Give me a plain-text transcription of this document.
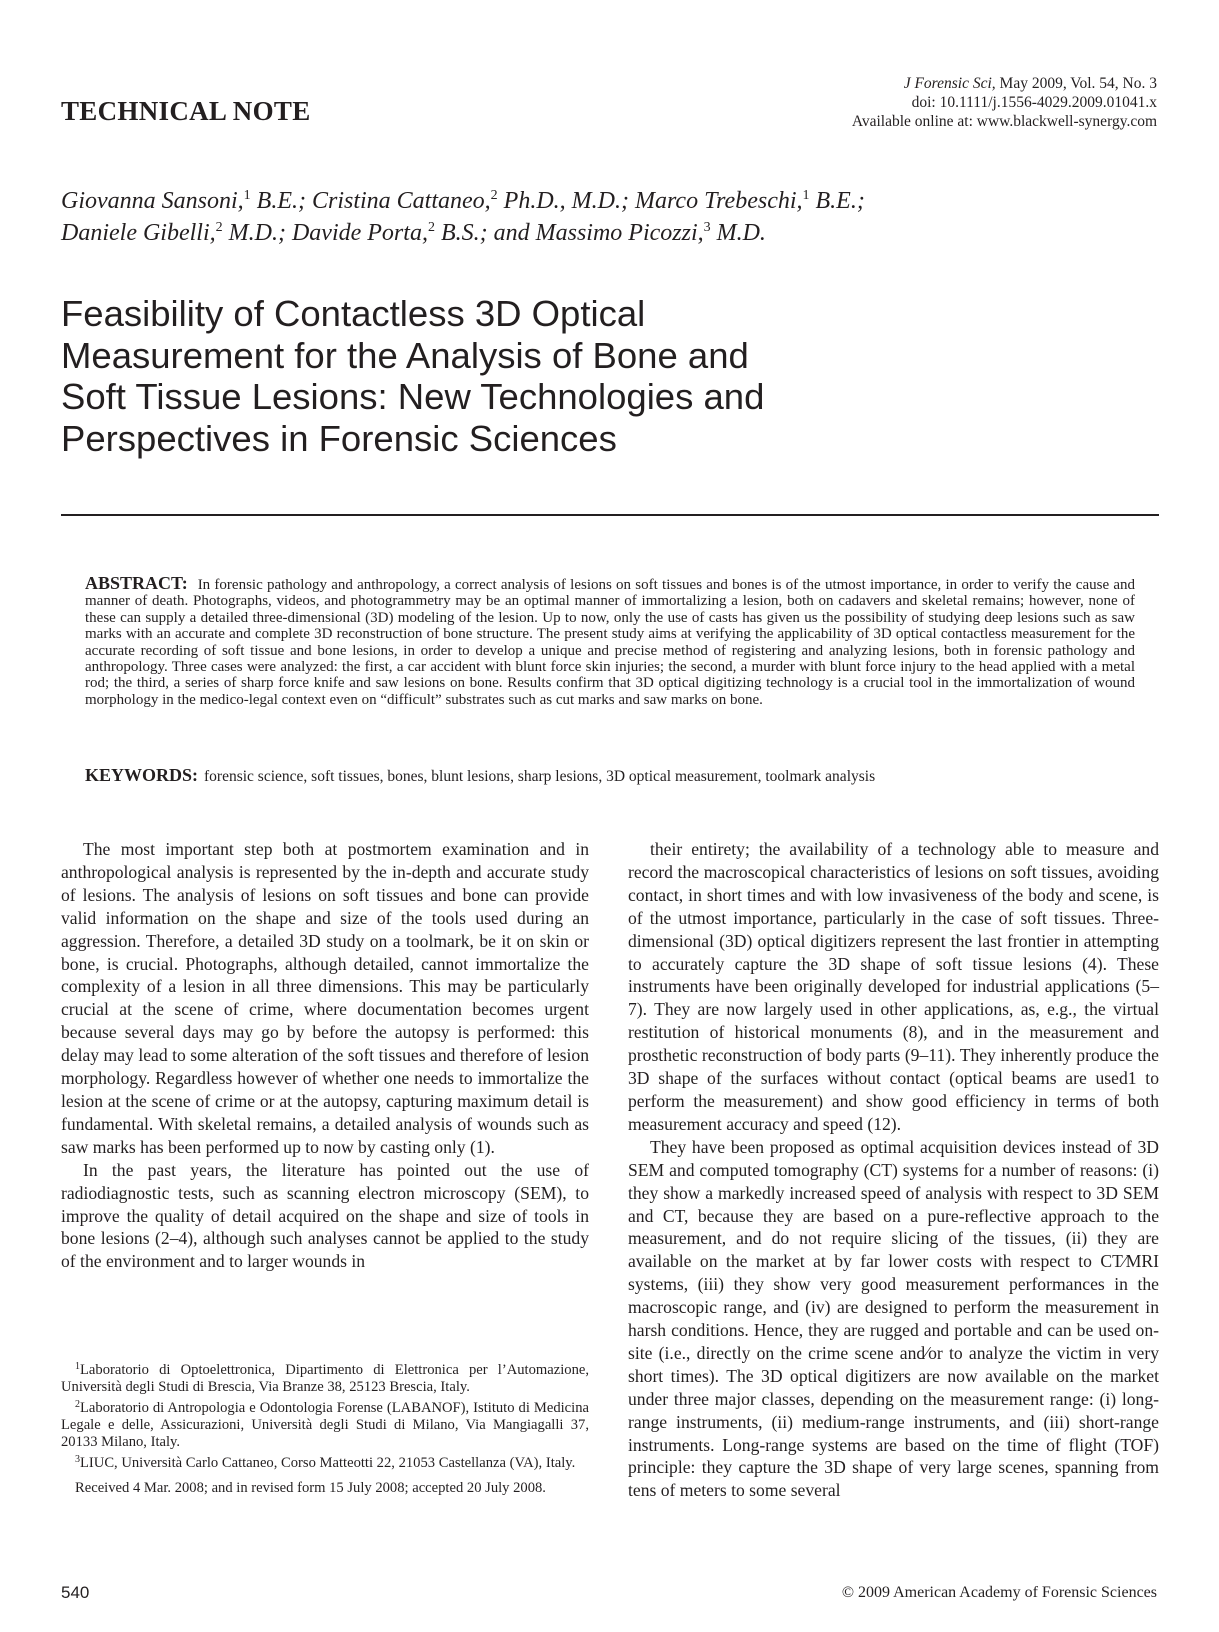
TECHNICAL NOTE
J Forensic Sci, May 2009, Vol. 54, No. 3
doi: 10.1111/j.1556-4029.2009.01041.x
Available online at: www.blackwell-synergy.com
Giovanna Sansoni,$^1$ B.E.; Cristina Cattaneo,$^2$ Ph.D., M.D.; Marco Trebeschi,$^1$ B.E.;
Daniele Gibelli,$^2$ M.D.; Davide Porta,$^2$ B.S.; and Massimo Picozzi,$^3$ M.D.
Feasibility of Contactless 3D Optical
Measurement for the Analysis of Bone and
Soft Tissue Lesions: New Technologies and
Perspectives in Forensic Sciences
ABSTRACT: In forensic pathology and anthropology, a correct analysis of lesions on soft tissues and bones is of the utmost importance, in order to verify the cause and manner of death. Photographs, videos, and photogrammetry may be an optimal manner of immortalizing a lesion, both on cadavers and skeletal remains; however, none of these can supply a detailed three-dimensional (3D) modeling of the lesion. Up to now, only the use of casts has given us the possibility of studying deep lesions such as saw marks with an accurate and complete 3D reconstruction of bone structure. The present study aims at verifying the applicability of 3D optical contactless measurement for the accurate recording of soft tissue and bone lesions, in order to develop a unique and precise method of registering and analyzing lesions, both in forensic pathology and anthropology. Three cases were analyzed: the first, a car accident with blunt force skin injuries; the second, a murder with blunt force injury to the head applied with a metal rod; the third, a series of sharp force knife and saw lesions on bone. Results confirm that 3D optical digitizing technology is a crucial tool in the immortalization of wound morphology in the medico-legal context even on “difficult” substrates such as cut marks and saw marks on bone.
KEYWORDS: forensic science, soft tissues, bones, blunt lesions, sharp lesions, 3D optical measurement, toolmark analysis

The most important step both at postmortem examination and in anthropological analysis is represented by the in-depth and accurate study of lesions. The analysis of lesions on soft tissues and bone can provide valid information on the shape and size of the tools used during an aggression. Therefore, a detailed 3D study on a toolmark, be it on skin or bone, is crucial. Photographs, although detailed, cannot immortalize the complexity of a lesion in all three dimensions. This may be particularly crucial at the scene of crime, where documentation becomes urgent because several days may go by before the autopsy is performed: this delay may lead to some alteration of the soft tissues and therefore of lesion morphology. Regardless however of whether one needs to immortalize the lesion at the scene of crime or at the autopsy, capturing maximum detail is fundamental. With skeletal remains, a detailed analysis of wounds such as saw marks has been performed up to now by casting only (1).

In the past years, the literature has pointed out the use of radiodiagnostic tests, such as scanning electron microscopy (SEM), to improve the quality of detail acquired on the shape and size of tools in bone lesions (2–4), although such analyses cannot be applied to the study of the environment and to larger wounds in

their entirety; the availability of a technology able to measure and record the macroscopical characteristics of lesions on soft tissues, avoiding contact, in short times and with low invasiveness of the body and scene, is of the utmost importance, particularly in the case of soft tissues. Three-dimensional (3D) optical digitizers represent the last frontier in attempting to accurately capture the 3D shape of soft tissue lesions (4). These instruments have been originally developed for industrial applications (5–7). They are now largely used in other applications, as, e.g., the virtual restitution of historical monuments (8), and in the measurement and prosthetic reconstruction of body parts (9–11). They inherently produce the 3D shape of the surfaces without contact (optical beams are used1 to perform the measurement) and show good efficiency in terms of both measurement accuracy and speed (12).

They have been proposed as optimal acquisition devices instead of 3D SEM and computed tomography (CT) systems for a number of reasons: (i) they show a markedly increased speed of analysis with respect to 3D SEM and CT, because they are based on a pure-reflective approach to the measurement, and do not require slicing of the tissues, (ii) they are available on the market at by far lower costs with respect to CT⁄MRI systems, (iii) they show very good measurement performances in the macroscopic range, and (iv) are designed to perform the measurement in harsh conditions. Hence, they are rugged and portable and can be used on-site (i.e., directly on the crime scene and⁄or to analyze the victim in very short times). The 3D optical digitizers are now available on the market under three major classes, depending on the measurement range: (i) long-range instruments, (ii) medium-range instruments, and (iii) short-range instruments. Long-range systems are based on the time of flight (TOF) principle: they capture the 3D shape of very large scenes, spanning from tens of meters to some several

$^1$Laboratorio di Optoelettronica, Dipartimento di Elettronica per l’Automazione, Università degli Studi di Brescia, Via Branze 38, 25123 Brescia, Italy.

$^2$Laboratorio di Antropologia e Odontologia Forense (LABANOF), Istituto di Medicina Legale e delle, Assicurazioni, Università degli Studi di Milano, Via Mangiagalli 37, 20133 Milano, Italy.

$^3$LIUC, Università Carlo Cattaneo, Corso Matteotti 22, 21053 Castellanza (VA), Italy.

Received 4 Mar. 2008; and in revised form 15 July 2008; accepted 20 July 2008.

540	© 2009 American Academy of Forensic Sciences
